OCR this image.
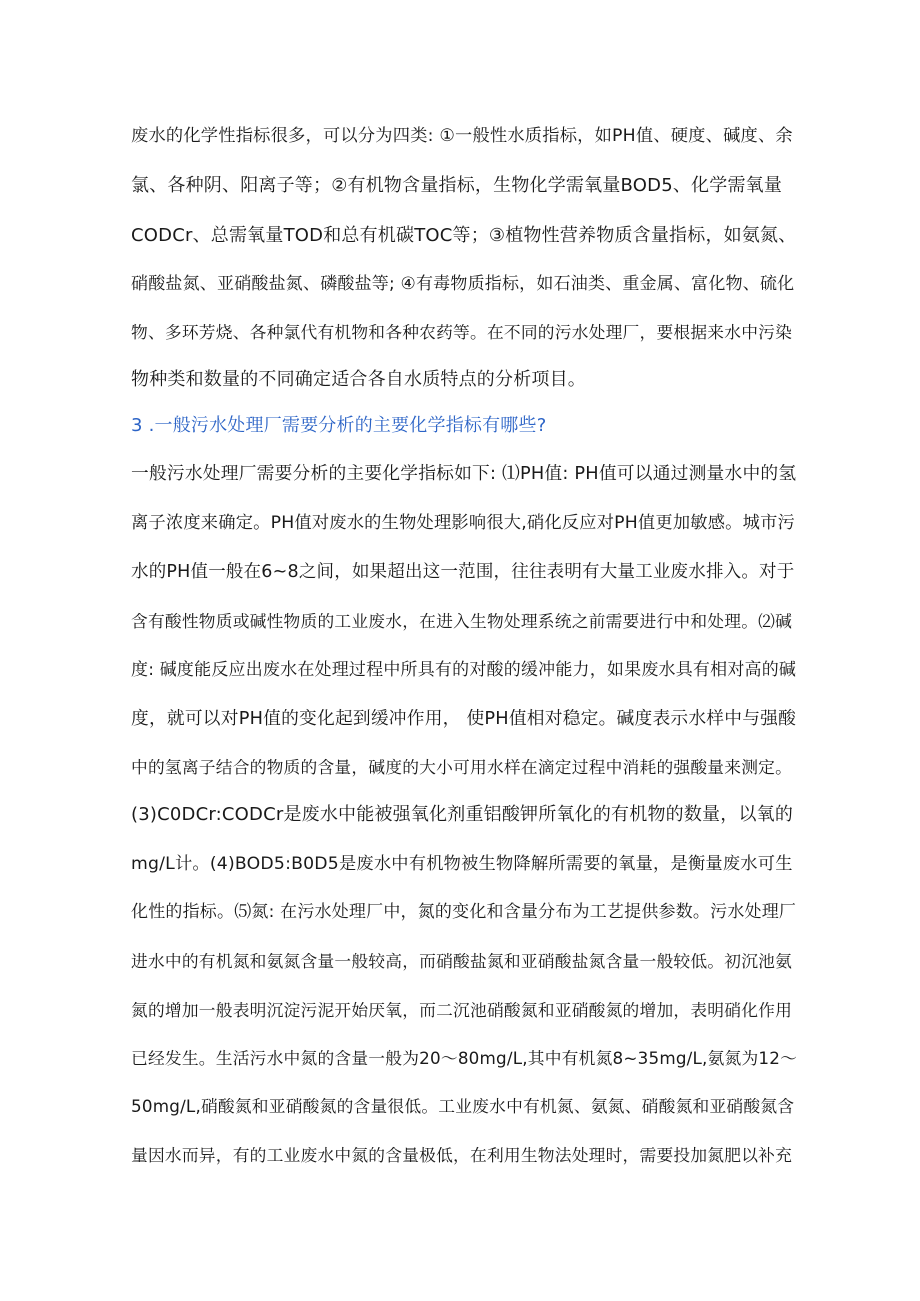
废水的化学性指标很多，可以分为四类: ①一般性水质指标，如PH值、硬度、碱度、余
氯、各种阴、阳离子等；②有机物含量指标，生物化学需氧量BOD5、化学需氧量
CODCr、总需氧量TOD和总有机碳TOC等；③植物性营养物质含量指标，如氨氮、
硝酸盐氮、亚硝酸盐氮、磷酸盐等; ④有毒物质指标，如石油类、重金属、富化物、硫化
物、多环芳烧、各种氯代有机物和各种农药等。在不同的污水处理厂，要根据来水中污染
物种类和数量的不同确定适合各自水质特点的分析项目。
3 .一般污水处理厂需要分析的主要化学指标有哪些?
一般污水处理厂需要分析的主要化学指标如下: ⑴PH值: PH值可以通过测量水中的氢
离子浓度来确定。PH值对废水的生物处理影响很大,硝化反应对PH值更加敏感。城市污
水的PH值一般在6~8之间，如果超出这一范围，往往表明有大量工业废水排入。对于
含有酸性物质或碱性物质的工业废水，在进入生物处理系统之前需要进行中和处理。⑵碱
度: 碱度能反应出废水在处理过程中所具有的对酸的缓冲能力，如果废水具有相对高的碱
度，就可以对PH值的变化起到缓冲作用， 使PH值相对稳定。碱度表示水样中与强酸
中的氢离子结合的物质的含量，碱度的大小可用水样在滴定过程中消耗的强酸量来测定。
(3)C0DCr:CODCr是废水中能被强氧化剂重铝酸钾所氧化的有机物的数量，以氧的
mg/L计。(4)BOD5:B0D5是废水中有机物被生物降解所需要的氧量，是衡量废水可生
化性的指标。⑸氮: 在污水处理厂中，氮的变化和含量分布为工艺提供参数。污水处理厂
进水中的有机氮和氨氮含量一般较高，而硝酸盐氮和亚硝酸盐氮含量一般较低。初沉池氨
氮的增加一般表明沉淀污泥开始厌氧，而二沉池硝酸氮和亚硝酸氮的增加，表明硝化作用
已经发生。生活污水中氮的含量一般为20～80mg∕L,其中有机氮8~35mg∕L,氨氮为12～
50mg∕L,硝酸氮和亚硝酸氮的含量很低。工业废水中有机氮、氨氮、硝酸氮和亚硝酸氮含
量因水而异，有的工业废水中氮的含量极低，在利用生物法处理时，需要投加氮肥以补充
